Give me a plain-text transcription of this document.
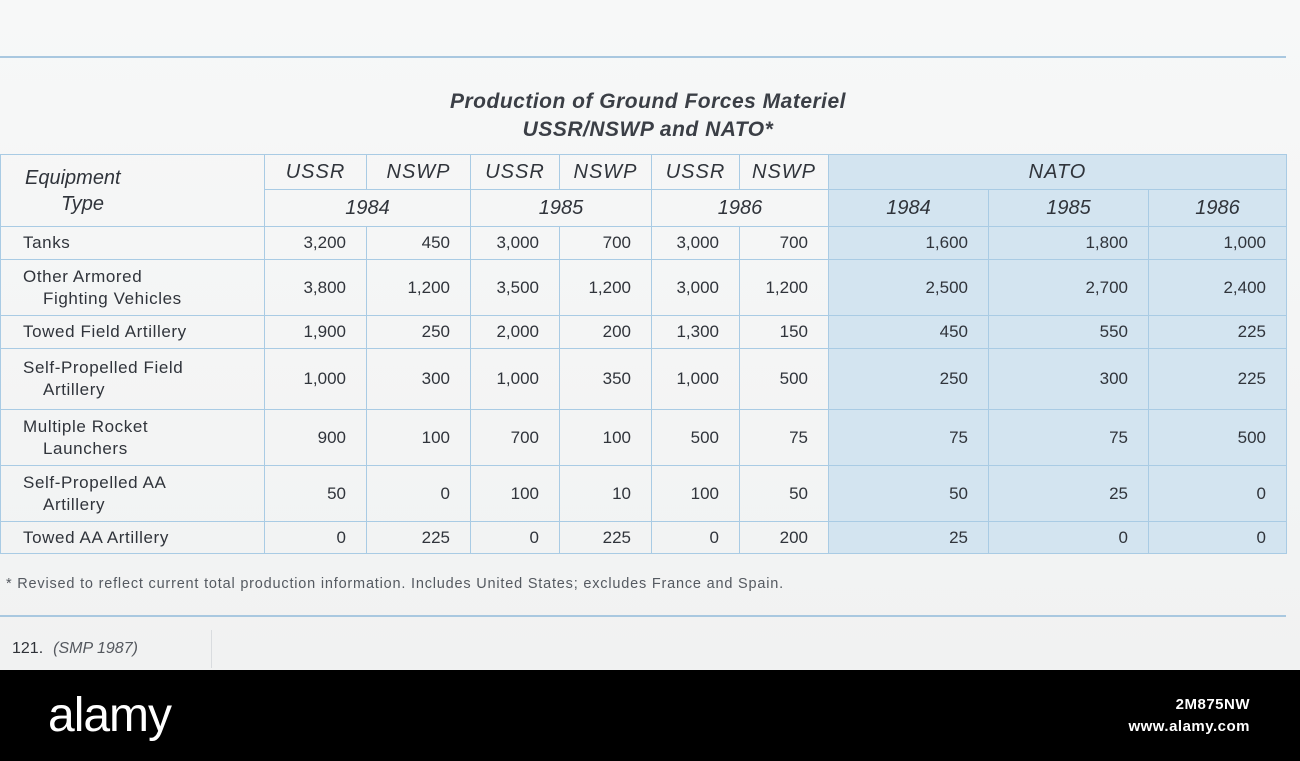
Production of Ground Forces Materiel
USSR/NSWP and NATO*
Equipment
Type	USSR	NSWP	USSR	NSWP	USSR	NSWP	NATO		
	1984		1985		1986		1984	1985	1986
Tanks	3,200	450	3,000	700	3,000	700	1,600	1,800	1,000
Other Armored
Fighting Vehicles	3,800	1,200	3,500	1,200	3,000	1,200	2,500	2,700	2,400
Towed Field Artillery	1,900	250	2,000	200	1,300	150	450	550	225
Self-Propelled Field
Artillery	1,000	300	1,000	350	1,000	500	250	300	225
Multiple Rocket
Launchers	900	100	700	100	500	75	75	75	500
Self-Propelled AA
Artillery	50	0	100	10	100	50	50	25	0
Towed AA Artillery	0	225	0	225	0	200	25	0	0
* Revised to reflect current total production information. Includes United States; excludes France and Spain.
121. (SMP 1987)
alamy	2M875NW
www.alamy.com
